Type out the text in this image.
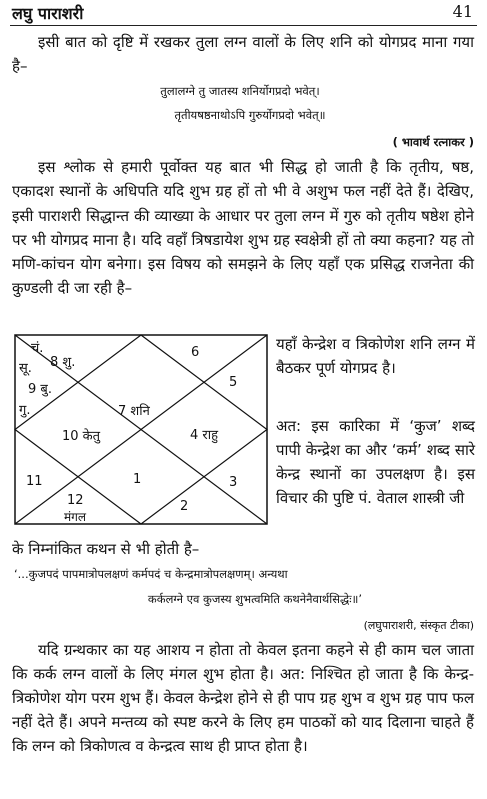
लघु पाराशरी	41
इसी बात को दृष्टि में रखकर तुला लग्न वालों के लिए शनि को योगप्रद माना गया है–
तुलालग्ने तु जातस्य शनिर्योगप्रदो भवेत्।
तृतीयषष्ठनाथोऽपि गुरुर्योगप्रदो भवेत्॥
( भावार्थ रत्नाकर )
इस श्लोक से हमारी पूर्वोक्त यह बात भी सिद्ध हो जाती है कि तृतीय, षष्ठ, एकादश स्थानों के अधिपति यदि शुभ ग्रह हों तो भी वे अशुभ फल नहीं देते हैं। देखिए, इसी पाराशरी सिद्धान्त की व्याख्या के आधार पर तुला लग्न में गुरु को तृतीय षष्ठेश होने पर भी योगप्रद माना है। यदि वहाँ त्रिषडायेश शुभ ग्रह स्वक्षेत्री हों तो क्या कहना? यह तो मणि-कांचन योग बनेगा। इस विषय को समझने के लिए यहाँ एक प्रसिद्ध राजनेता की कुण्डली दी जा रही है–
7 शनि
6
8 शु.
9 बु.
10 केतु
11	1
12
मंगल
2
3
4 राहु
5
सू.
चं.
गु.
यहाँ केन्द्रेश व त्रिकोणेश शनि लग्न में बैठकर पूर्ण योगप्रद है।
अत: इस कारिका में ‘कुज’ शब्द पापी केन्द्रेश का और ‘कर्म’ शब्द सारे केन्द्र स्थानों का उपलक्षण है। इस विचार की पुष्टि पं. वेताल शास्त्री जी
के निम्नांकित कथन से भी होती है–
‘...कुजपदं पापमात्रोपलक्षणं कर्मपदं च केन्द्रमात्रोपलक्षणम्। अन्यथा
कर्कलग्ने एव कुजस्य शुभत्वमिति कथनेनैवार्थसिद्धेः॥’
(लघुपाराशरी, संस्कृत टीका)
यदि ग्रन्थकार का यह आशय न होता तो केवल इतना कहने से ही काम चल जाता कि कर्क लग्न वालों के लिए मंगल शुभ होता है। अत: निश्चित हो जाता है कि केन्द्र-त्रिकोणेश योग परम शुभ हैं। केवल केन्द्रेश होने से ही पाप ग्रह शुभ व शुभ ग्रह पाप फल नहीं देते हैं। अपने मन्तव्य को स्पष्ट करने के लिए हम पाठकों को याद दिलाना चाहते हैं कि लग्न को त्रिकोणत्व व केन्द्रत्व साथ ही प्राप्त होता है।
